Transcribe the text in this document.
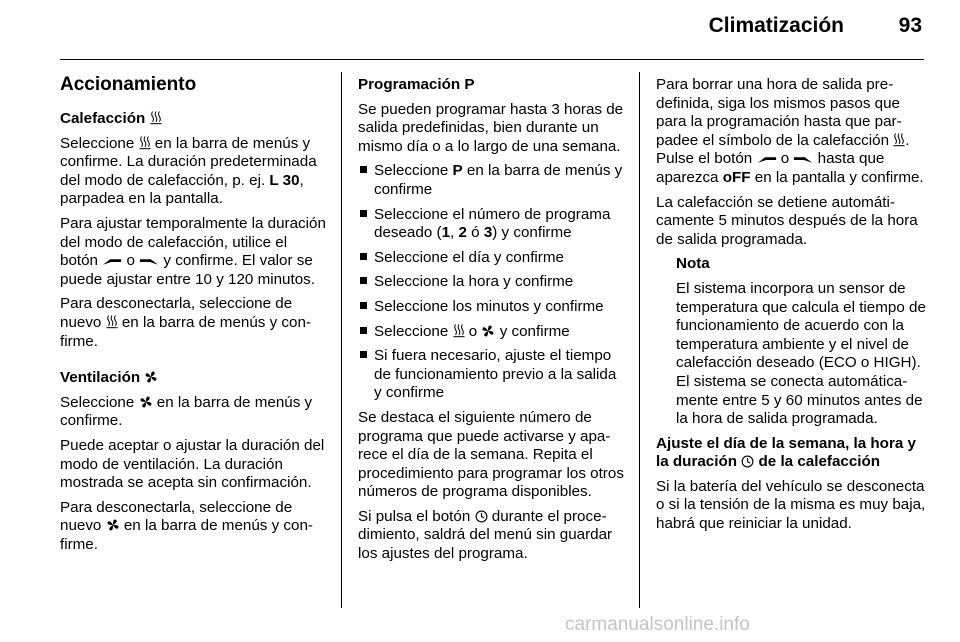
Climatización	93
Accionamiento

Calefacción

Seleccione en la barra de menús y confirme. La duración predeterminada del modo de calefacción, p. ej. L 30, parpadea en la pantalla.

Para ajustar temporalmente la duración del modo de calefacción, utilice el botón o y confirme. El valor se puede ajustar entre 10 y 120 minutos.

Para desconectarla, seleccione de nuevo en la barra de menús y confirme.

Ventilación

Seleccione en la barra de menús y confirme.

Puede aceptar o ajustar la duración del modo de ventilación. La duración mostrada se acepta sin confirmación.

Para desconectarla, seleccione de nuevo en la barra de menús y confirme.

Programación P

Se pueden programar hasta 3 horas de salida predefinidas, bien durante un mismo día o a lo largo de una semana.

Seleccione P en la barra de menús y confirme
Seleccione el número de programa deseado (1, 2 ó 3) y confirme
Seleccione el día y confirme
Seleccione la hora y confirme
Seleccione los minutos y confirme
Seleccione o y confirme
Si fuera necesario, ajuste el tiempo de funcionamiento previo a la salida y confirme

Se destaca el siguiente número de programa que puede activarse y aparece el día de la semana. Repita el procedimiento para programar los otros números de programa disponibles.

Si pulsa el botón durante el procedimiento, saldrá del menú sin guardar los ajustes del programa.

Para borrar una hora de salida predefinida, siga los mismos pasos que para la programación hasta que parpadee el símbolo de la calefacción . Pulse el botón o hasta que aparezca oFF en la pantalla y confirme.

La calefacción se detiene automáticamente 5 minutos después de la hora de salida programada.

Nota

El sistema incorpora un sensor de temperatura que calcula el tiempo de funcionamiento de acuerdo con la temperatura ambiente y el nivel de calefacción deseado (ECO o HIGH). El sistema se conecta automáticamente entre 5 y 60 minutos antes de la hora de salida programada.

Ajuste el día de la semana, la hora y la duración de la calefacción

Si la batería del vehículo se desconecta o si la tensión de la misma es muy baja, habrá que reiniciar la unidad.

carmanualsonline.info
